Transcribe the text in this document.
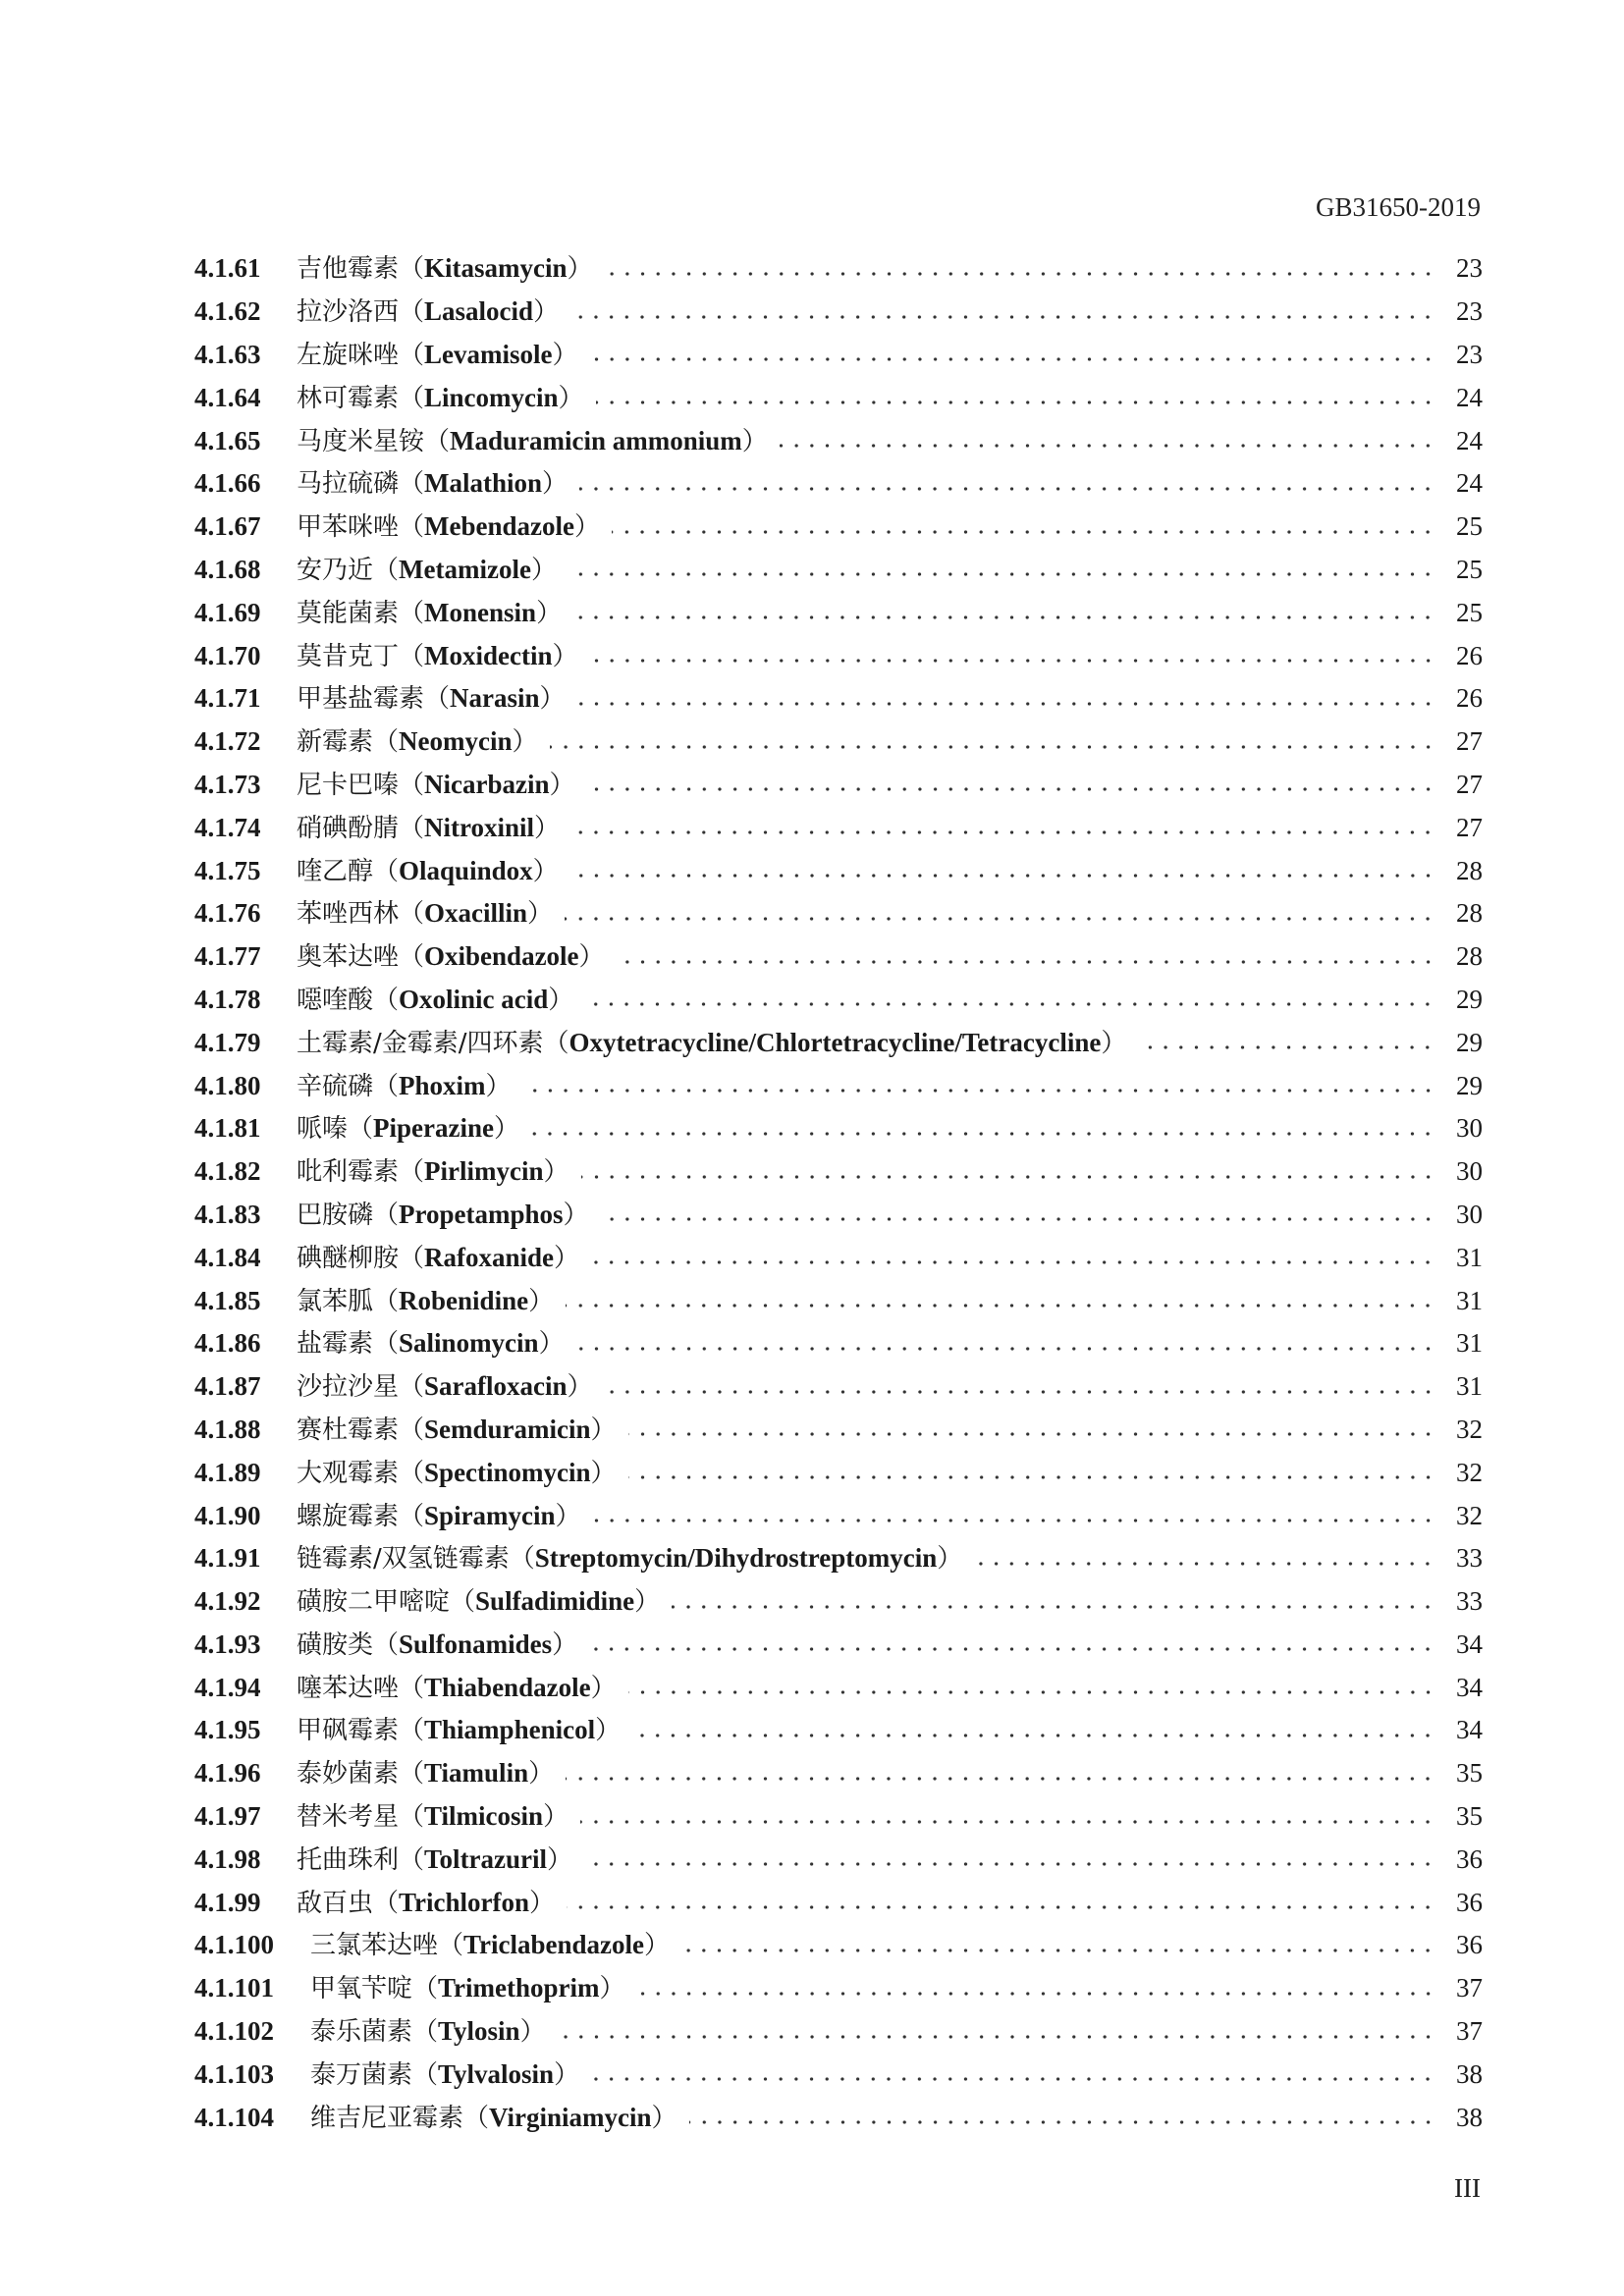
GB31650-2019
4.1.61	吉他霉素（Kitasamycin）	23
4.1.62	拉沙洛西（Lasalocid）	23
4.1.63	左旋咪唑（Levamisole）	23
4.1.64	林可霉素（Lincomycin）	24
4.1.65	马度米星铵（Maduramicin ammonium）	24
4.1.66	马拉硫磷（Malathion）	24
4.1.67	甲苯咪唑（Mebendazole）	25
4.1.68	安乃近（Metamizole）	25
4.1.69	莫能菌素（Monensin）	25
4.1.70	莫昔克丁（Moxidectin）	26
4.1.71	甲基盐霉素（Narasin）	26
4.1.72	新霉素（Neomycin）	27
4.1.73	尼卡巴嗪（Nicarbazin）	27
4.1.74	硝碘酚腈（Nitroxinil）	27
4.1.75	喹乙醇（Olaquindox）	28
4.1.76	苯唑西林（Oxacillin）	28
4.1.77	奥苯达唑（Oxibendazole）	28
4.1.78	噁喹酸（Oxolinic acid）	29
4.1.79	土霉素/金霉素/四环素（Oxytetracycline/Chlortetracycline/Tetracycline）	29
4.1.80	辛硫磷（Phoxim）	29
4.1.81	哌嗪（Piperazine）	30
4.1.82	吡利霉素（Pirlimycin）	30
4.1.83	巴胺磷（Propetamphos）	30
4.1.84	碘醚柳胺（Rafoxanide）	31
4.1.85	氯苯胍（Robenidine）	31
4.1.86	盐霉素（Salinomycin）	31
4.1.87	沙拉沙星（Sarafloxacin）	31
4.1.88	赛杜霉素（Semduramicin）	32
4.1.89	大观霉素（Spectinomycin）	32
4.1.90	螺旋霉素（Spiramycin）	32
4.1.91	链霉素/双氢链霉素（Streptomycin/Dihydrostreptomycin）	33
4.1.92	磺胺二甲嘧啶（Sulfadimidine）	33
4.1.93	磺胺类（Sulfonamides）	34
4.1.94	噻苯达唑（Thiabendazole）	34
4.1.95	甲砜霉素（Thiamphenicol）	34
4.1.96	泰妙菌素（Tiamulin）	35
4.1.97	替米考星（Tilmicosin）	35
4.1.98	托曲珠利（Toltrazuril）	36
4.1.99	敌百虫（Trichlorfon）	36
4.1.100	三氯苯达唑（Triclabendazole）	36
4.1.101	甲氧苄啶（Trimethoprim）	37
4.1.102	泰乐菌素（Tylosin）	37
4.1.103	泰万菌素（Tylvalosin）	38
4.1.104	维吉尼亚霉素（Virginiamycin）	38
III
